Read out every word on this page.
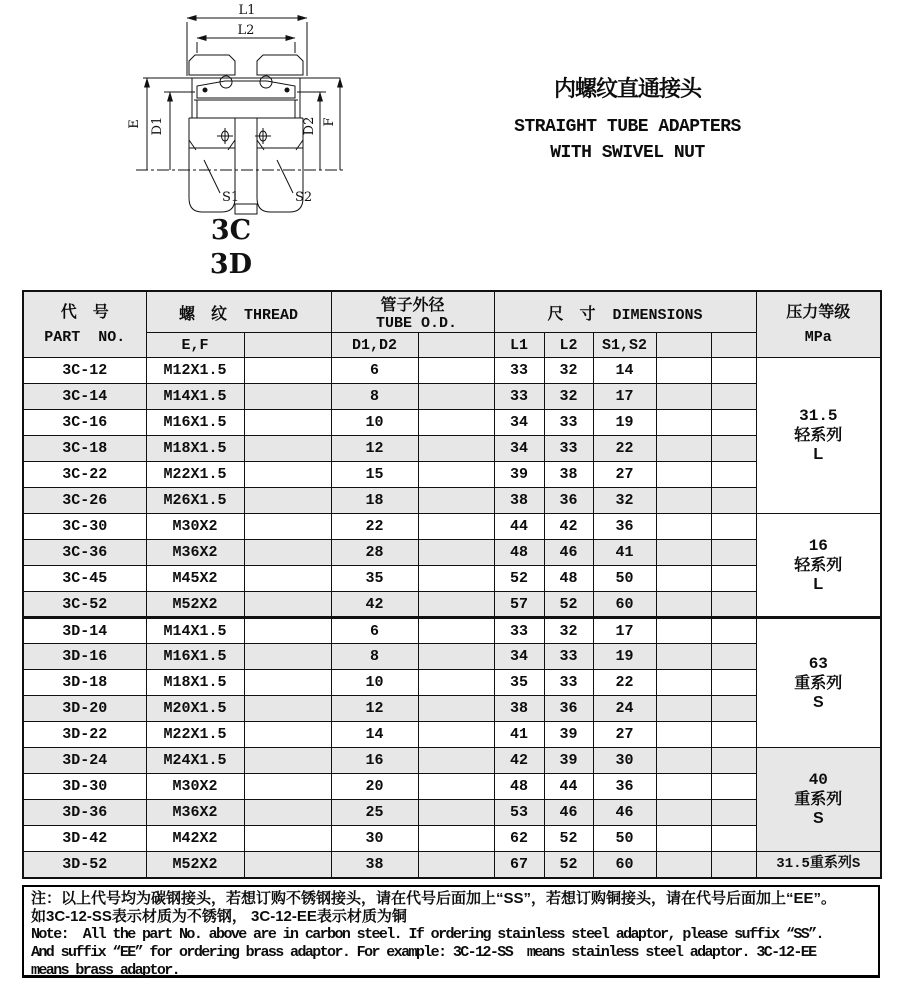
L1
L2
E D1	D2 F
S1	S2
3C
3D
内螺纹直通接头
STRAIGHT TUBE ADAPTERS
WITH SWIVEL NUT
代　号
PART  NO.
	螺　纹 THREAD	管子外径 TUBE O.D.	尺　寸 DIMENSIONS	压力等级
MPa

	E,F		D1,D2		L1	L2	S1,S2			
3C-12	M12X1.5		6		33	32	14			31.5
轻系列
L

3C-14	M14X1.5		8		33	32	17			
3C-16	M16X1.5		10		34	33	19			
3C-18	M18X1.5		12		34	33	22			
3C-22	M22X1.5		15		39	38	27			
3C-26	M26X1.5		18		38	36	32			
3C-30	M30X2		22		44	42	36			16
轻系列
L

3C-36	M36X2		28		48	46	41			
3C-45	M45X2		35		52	48	50			
3C-52	M52X2		42		57	52	60			
3D-14	M14X1.5		6		33	32	17			63
重系列
S

3D-16	M16X1.5		8		34	33	19			
3D-18	M18X1.5		10		35	33	22			
3D-20	M20X1.5		12		38	36	24			
3D-22	M22X1.5		14		41	39	27			
3D-24	M24X1.5		16		42	39	30			40
重系列
S

3D-30	M30X2		20		48	44	36			
3D-36	M36X2		25		53	46	46			
3D-42	M42X2		30		62	52	50			
3D-52	M52X2		38		67	52	60			31.5重系列S
注：以上代号均为碳钢接头，若想订购不锈钢接头，请在代号后面加上“SS”，若想订购铜接头，请在代号后面加上“EE”。
如3C-12-SS表示材质为不锈钢， 3C-12-EE表示材质为铜
Note:  All the part No. above are in carbon steel. If ordering stainless steel adaptor, please suffix “SS”.
And suffix “EE” for ordering brass adaptor. For example: 3C-12-SS  means stainless steel adaptor. 3C-12-EE
means brass adaptor.
